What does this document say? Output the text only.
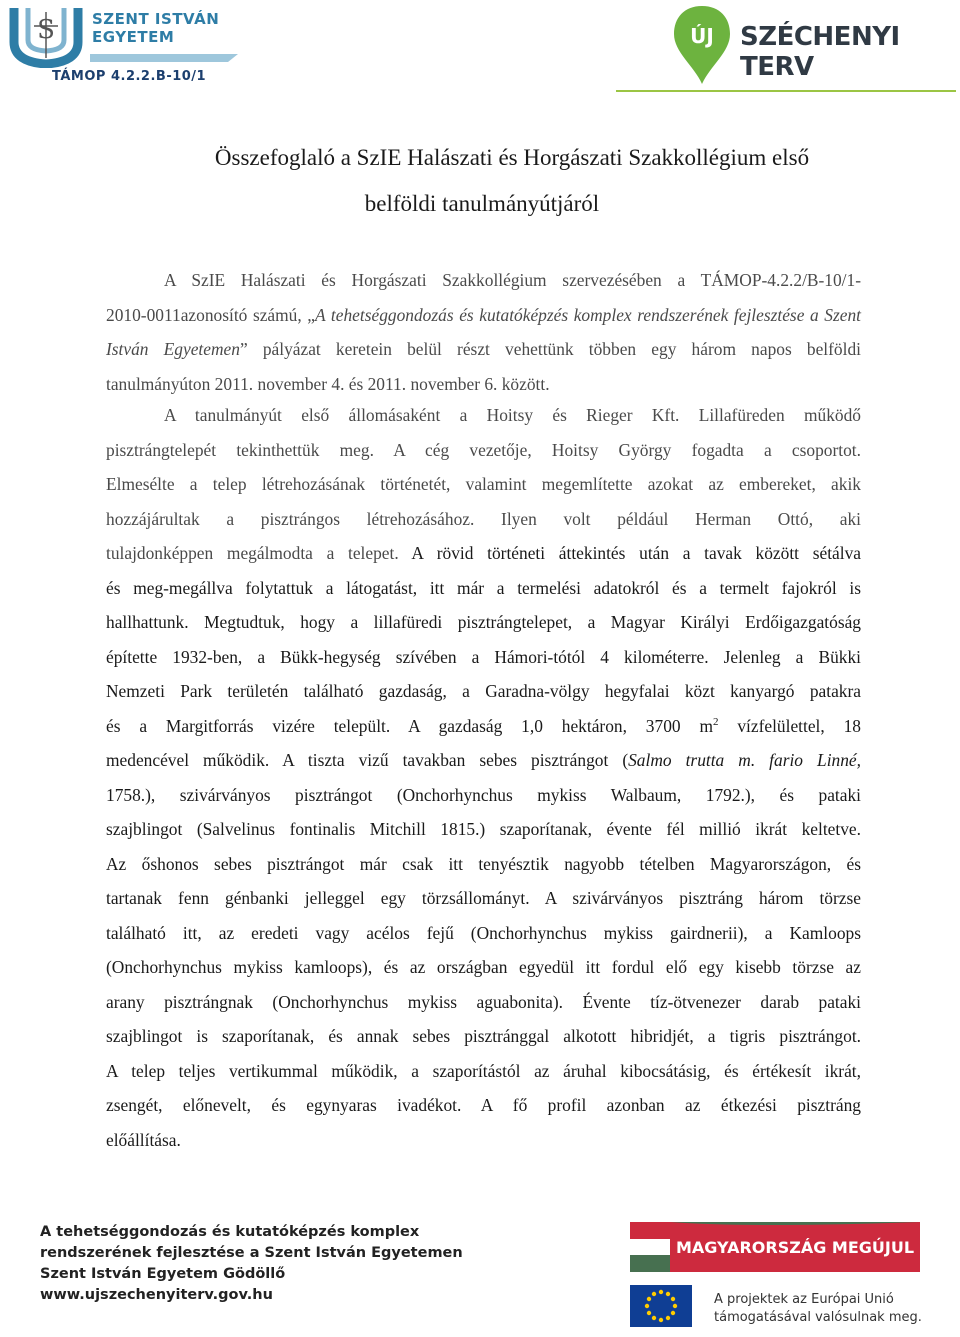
S SZENT ISTVÁN
EGYETEM
TÁMOP 4.2.2.B-10/1
ÚJ SZÉCHENYI TERV
Összefoglaló a SzIE Halászati és Horgászati Szakkollégium első
belföldi tanulmányútjáról
A SzIE Halászati és Horgászati Szakkollégium szervezésében a TÁMOP-4.2.2/B-10/1-
2010-0011azonosító számú, „A tehetséggondozás és kutatóképzés komplex rendszerének fejlesztése a Szent
István Egyetemen” pályázat keretein belül részt vehettünk többen egy három napos belföldi
tanulmányúton 2011. november 4. és 2011. november 6. között.
A tanulmányút első állomásaként a Hoitsy és Rieger Kft. Lillafüreden működő
pisztrángtelepét tekinthettük meg. A cég vezetője, Hoitsy György fogadta a csoportot.
Elmesélte a telep létrehozásának történetét, valamint megemlítette azokat az embereket, akik
hozzájárultak a pisztrángos létrehozásához. Ilyen volt például Herman Ottó, aki
tulajdonképpen megálmodta a telepet. A rövid történeti áttekintés után a tavak között sétálva
és meg-megállva folytattuk a látogatást, itt már a termelési adatokról és a termelt fajokról is
hallhattunk. Megtudtuk, hogy a lillafüredi pisztrángtelepet, a Magyar Királyi Erdőigazgatóság
építette 1932-ben, a Bükk-hegység szívében a Hámori-tótól 4 kilométerre. Jelenleg a Bükki
Nemzeti Park területén található gazdaság, a Garadna-völgy hegyfalai közt kanyargó patakra
és a Margitforrás vizére települt. A gazdaság 1,0 hektáron, 3700 $m^2$ vízfelülettel, 18
medencével működik. A tiszta vizű tavakban sebes pisztrángot (Salmo trutta m. fario Linné,
1758.), szivárványos pisztrángot (Onchorhynchus mykiss Walbaum, 1792.), és pataki
szajblingot (Salvelinus fontinalis Mitchill 1815.) szaporítanak, évente fél millió ikrát keltetve.
Az őshonos sebes pisztrángot már csak itt tenyésztik nagyobb tételben Magyarországon, és
tartanak fenn génbanki jelleggel egy törzsállományt. A szivárványos pisztráng három törzse
található itt, az eredeti vagy acélos fejű (Onchorhynchus mykiss gairdnerii), a Kamloops
(Onchorhynchus mykiss kamloops), és az országban egyedül itt fordul elő egy kisebb törzse az
arany pisztrángnak (Onchorhynchus mykiss aguabonita). Évente tíz-ötvenezer darab pataki
szajblingot is szaporítanak, és annak sebes pisztránggal alkotott hibridjét, a tigris pisztrángot.
A telep teljes vertikummal működik, a szaporítástól az áruhal kibocsátásig, és értékesít ikrát,
zsengét, előnevelt, és egynyaras ivadékot. A fő profil azonban az étkezési pisztráng
előállítása.
A tehetséggondozás és kutatóképzés komplex
rendszerének fejlesztése a Szent István Egyetemen
Szent István Egyetem Gödöllő
www.ujszechenyiterv.gov.hu
MAGYARORSZÁG MEGÚJUL
A projektek az Európai Unió
támogatásával valósulnak meg.
